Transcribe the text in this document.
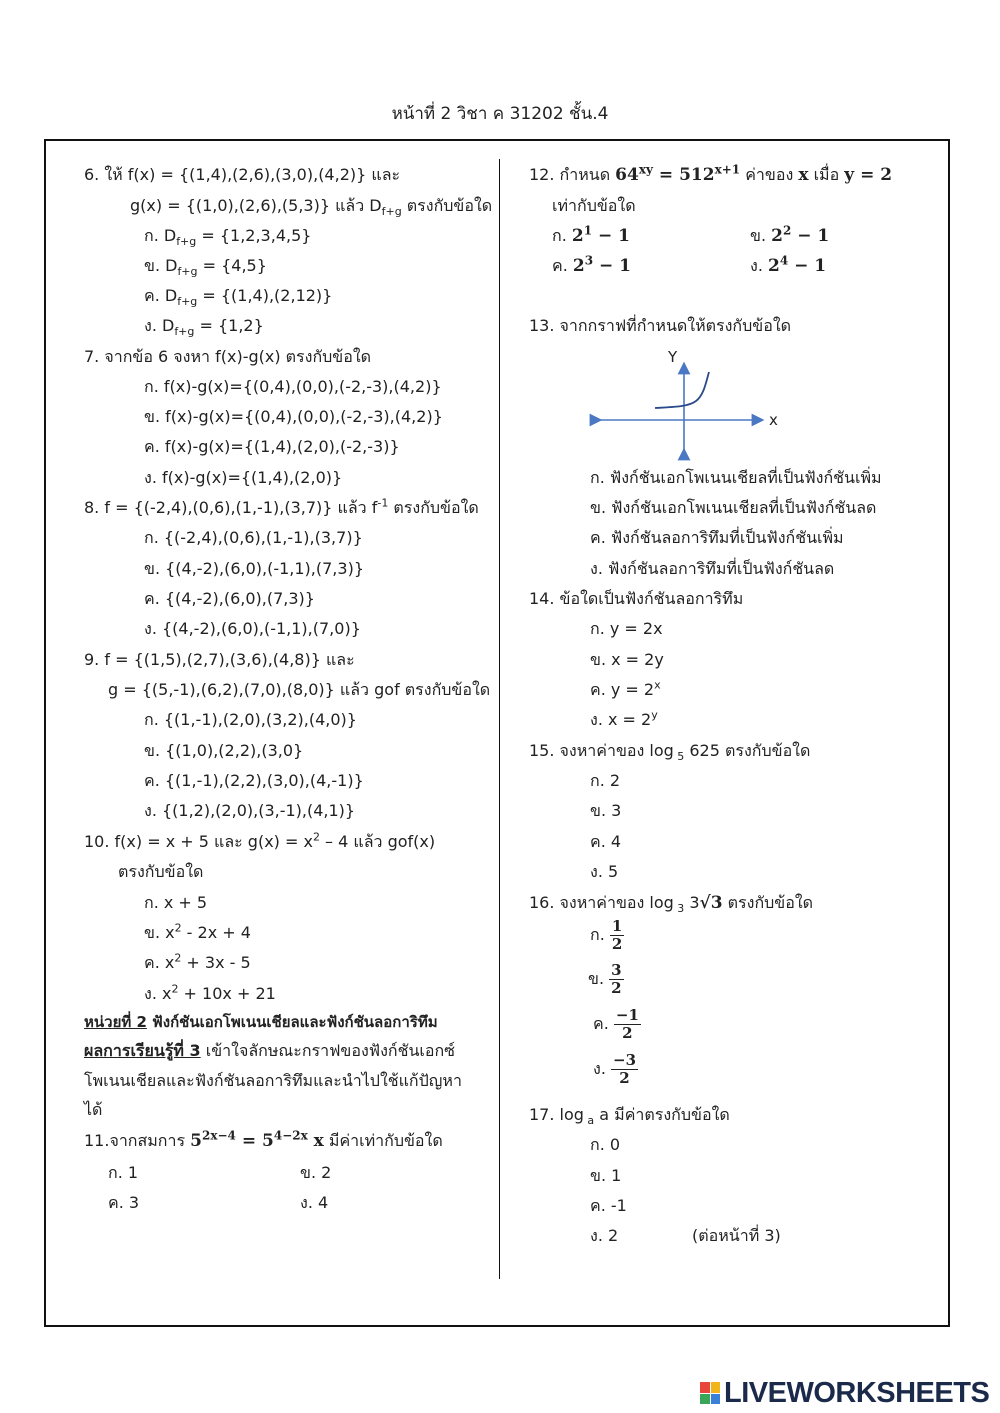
หน้าที่ 2 วิชา ค 31202 ชั้น.4
6. ให้ f(x) = {(1,4),(2,6),(3,0),(4,2)} และ
g(x) = {(1,0),(2,6),(5,3)} แล้ว $D_{f+g}$ ตรงกับข้อใด
ก. $D_{f+g} = \{1,2,3,4,5\}$
ข. $D_{f+g} = \{4,5\}$
ค. $D_{f+g} = \{(1,4),(2,12)\}$
ง. $D_{f+g} = \{1,2\}$
7. จากข้อ 6 จงหา f(x)-g(x) ตรงกับข้อใด
ก. f(x)-g(x)={(0,4),(0,0),(-2,-3),(4,2)}
ข. f(x)-g(x)={(0,4),(0,0),(-2,-3),(4,2)}
ค. f(x)-g(x)={(1,4),(2,0),(-2,-3)}
ง. f(x)-g(x)={(1,4),(2,0)}
8. f = {(-2,4),(0,6),(1,-1),(3,7)} แล้ว $f^{-1}$ ตรงกับข้อใด
ก. {(-2,4),(0,6),(1,-1),(3,7)}
ข. {(4,-2),(6,0),(-1,1),(7,3)}
ค. {(4,-2),(6,0),(7,3)}
ง. {(4,-2),(6,0),(-1,1),(7,0)}
9. f = {(1,5),(2,7),(3,6),(4,8)} และ
g = {(5,-1),(6,2),(7,0),(8,0)} แล้ว gof ตรงกับข้อใด
ก. {(1,-1),(2,0),(3,2),(4,0)}
ข. {(1,0),(2,2),(3,0}
ค. {(1,-1),(2,2),(3,0),(4,-1)}
ง. {(1,2),(2,0),(3,-1),(4,1)}
10. f(x) = x + 5 และ $g(x) = x^2 - 4$ แล้ว gof(x)
ตรงกับข้อใด
ก. x + 5
ข. $x^2 - 2x + 4$
ค. $x^2 + 3x - 5$
ง. $x^2 + 10x + 21$
หน่วยที่ 2 ฟังก์ชันเอกโพเนนเชียลและฟังก์ชันลอการิทึม
ผลการเรียนรู้ที่ 3 เข้าใจลักษณะกราฟของฟังก์ชันเอกซ์
โพเนนเชียลและฟังก์ชันลอการิทึมและนำไปใช้แก้ปัญหา
ได้
11.จากสมการ $5^{2x-4} = 5^{4-2x}$ x มีค่าเท่ากับข้อใด
ก. 1	ข. 2
ค. 3	ง. 4
12. กำหนด $64^{xy} = 512^{x+1}$ ค่าของ x เมื่อ y = 2
เท่ากับข้อใด
ก. $2^1 - 1$	ข. $2^2 - 1$
ค. $2^3 - 1$	ง. $2^4 - 1$
13. จากกราฟที่กำหนดให้ตรงกับข้อใด
Y
x
ก. ฟังก์ชันเอกโพเนนเชียลที่เป็นฟังก์ชันเพิ่ม
ข. ฟังก์ชันเอกโพเนนเชียลที่เป็นฟังก์ชันลด
ค. ฟังก์ชันลอการิทึมที่เป็นฟังก์ชันเพิ่ม
ง. ฟังก์ชันลอการิทึมที่เป็นฟังก์ชันลด
14. ข้อใดเป็นฟังก์ชันลอการิทึม
ก. y = 2x
ข. x = 2y
ค. $y = 2^x$
ง. $x = 2^y$
15. จงหาค่าของ log $_5$ 625 ตรงกับข้อใด
ก. 2
ข. 3
ค. 4
ง. 5
16. จงหาค่าของ log $_3$ 3√3 ตรงกับข้อใด
ก. $\frac{1}{2}$
ข. $\frac{3}{2}$
ค. $\frac{-1}{2}$
ง. $\frac{-3}{2}$
17. log $_a$ a มีค่าตรงกับข้อใด
ก. 0
ข. 1
ค. -1
ง. 2	(ต่อหน้าที่ 3)
LIVEWORKSHEETS
